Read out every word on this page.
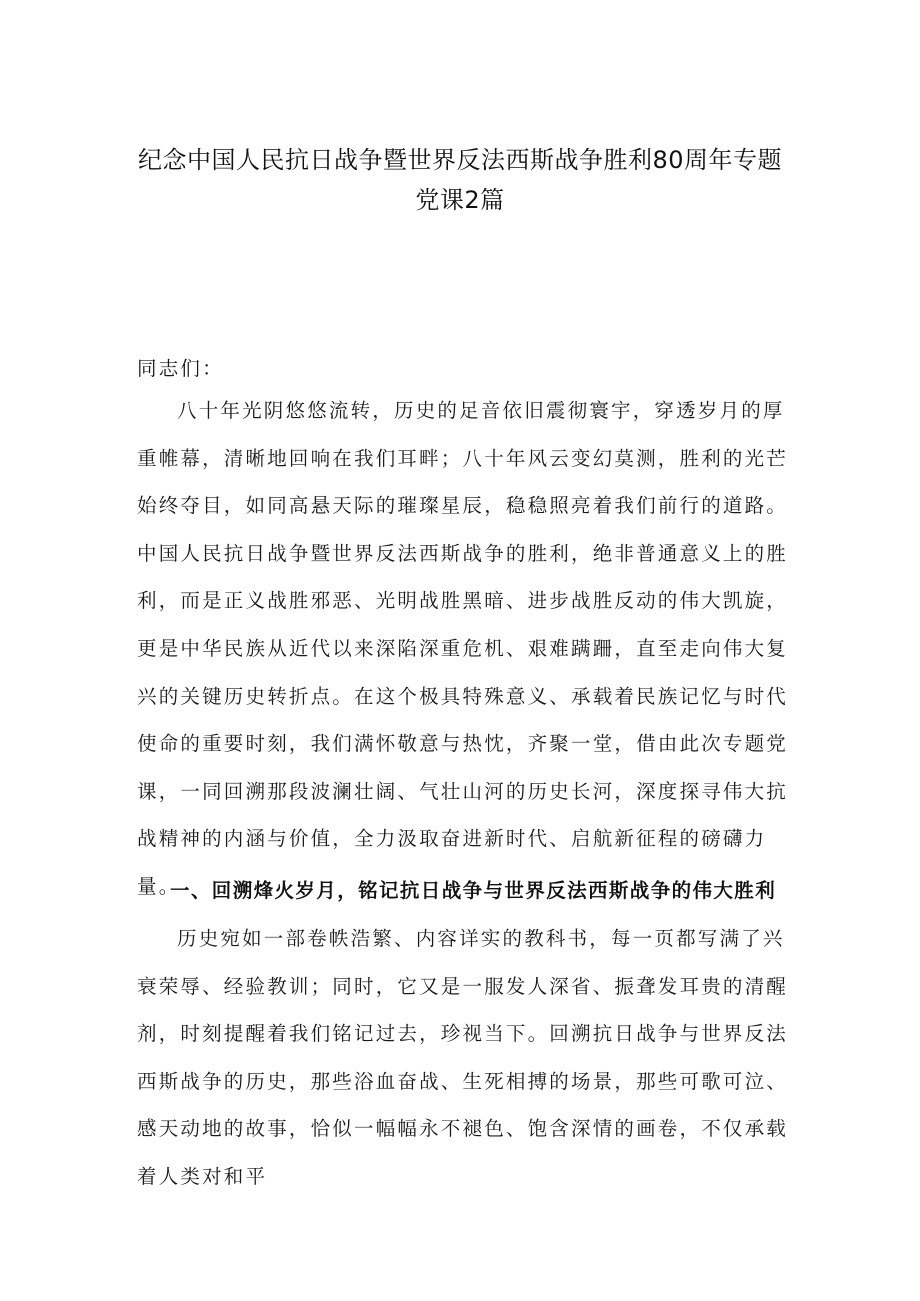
纪念中国人民抗日战争暨世界反法西斯战争胜利80周年专题党课2篇

同志们：

八十年光阴悠悠流转，历史的足音依旧震彻寰宇，穿透岁月的厚重帷幕，清晰地回响在我们耳畔；八十年风云变幻莫测，胜利的光芒始终夺目，如同高悬天际的璀璨星辰，稳稳照亮着我们前行的道路。中国人民抗日战争暨世界反法西斯战争的胜利，绝非普通意义上的胜利，而是正义战胜邪恶、光明战胜黑暗、进步战胜反动的伟大凯旋，更是中华民族从近代以来深陷深重危机、艰难蹒跚，直至走向伟大复兴的关键历史转折点。在这个极具特殊意义、承载着民族记忆与时代使命的重要时刻，我们满怀敬意与热忱，齐聚一堂，借由此次专题党课，一同回溯那段波澜壮阔、气壮山河的历史长河，深度探寻伟大抗战精神的内涵与价值，全力汲取奋进新时代、启航新征程的磅礴力量。

一、回溯烽火岁月，铭记抗日战争与世界反法西斯战争的伟大胜利

历史宛如一部卷帙浩繁、内容详实的教科书，每一页都写满了兴衰荣辱、经验教训；同时，它又是一服发人深省、振聋发耳贵的清醒剂，时刻提醒着我们铭记过去，珍视当下。回溯抗日战争与世界反法西斯战争的历史，那些浴血奋战、生死相搏的场景，那些可歌可泣、感天动地的故事，恰似一幅幅永不褪色、饱含深情的画卷，不仅承载着人类对和平
